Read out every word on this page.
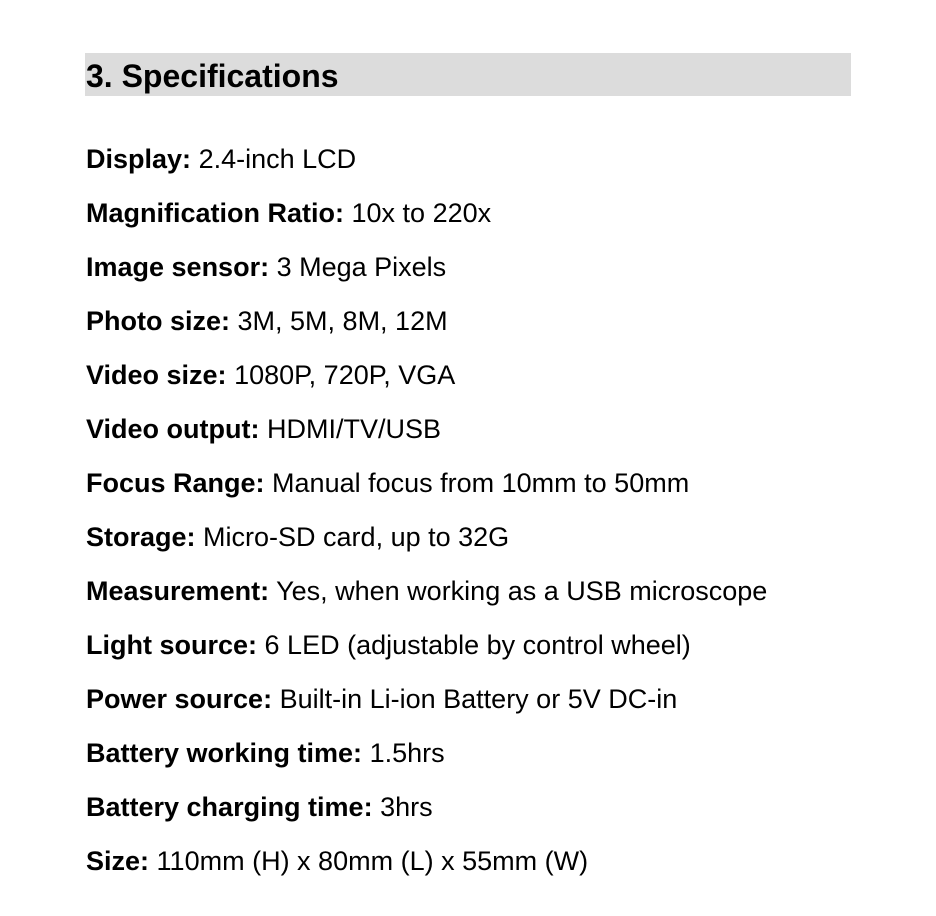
3. Specifications
Display: 2.4-inch LCD
Magnification Ratio: 10x to 220x
Image sensor: 3 Mega Pixels
Photo size: 3M, 5M, 8M, 12M
Video size: 1080P, 720P, VGA
Video output: HDMI/TV/USB
Focus Range: Manual focus from 10mm to 50mm
Storage: Micro-SD card, up to 32G
Measurement: Yes, when working as a USB microscope
Light source: 6 LED (adjustable by control wheel)
Power source: Built-in Li-ion Battery or 5V DC-in
Battery working time: 1.5hrs
Battery charging time: 3hrs
Size: 110mm (H) x 80mm (L) x 55mm (W)
